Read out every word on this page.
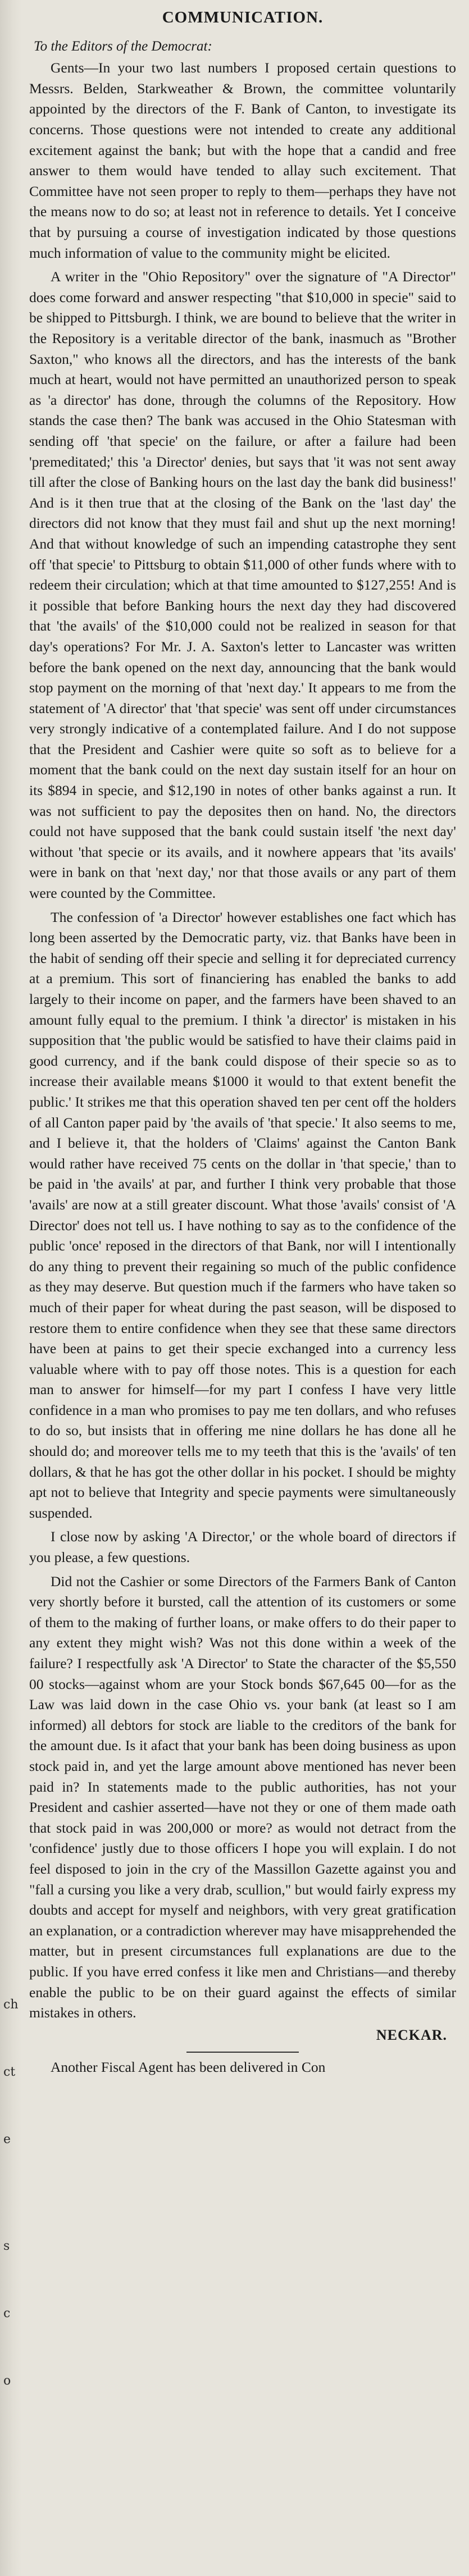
ch
ct
e
s
c
o
COMMUNICATION.

To the Editors of the Democrat:

Gents—In your two last numbers I proposed certain questions to Messrs. Belden, Starkweather & Brown, the committee voluntarily appointed by the directors of the F. Bank of Canton, to investigate its concerns. Those questions were not intended to create any additional excitement against the bank; but with the hope that a candid and free answer to them would have tended to allay such excitement. That Committee have not seen proper to reply to them—perhaps they have not the means now to do so; at least not in reference to details. Yet I conceive that by pursuing a course of investigation indicated by those questions much information of value to the community might be elicited.

A writer in the "Ohio Repository" over the signature of "A Director" does come forward and answer respecting "that $10,000 in specie" said to be shipped to Pittsburgh. I think, we are bound to believe that the writer in the Repository is a veritable director of the bank, inasmuch as "Brother Saxton," who knows all the directors, and has the interests of the bank much at heart, would not have permitted an unauthorized person to speak as 'a director' has done, through the columns of the Repository. How stands the case then? The bank was accused in the Ohio Statesman with sending off 'that specie' on the failure, or after a failure had been 'premeditated;' this 'a Director' denies, but says that 'it was not sent away till after the close of Banking hours on the last day the bank did business!' And is it then true that at the closing of the Bank on the 'last day' the directors did not know that they must fail and shut up the next morning! And that without knowledge of such an impending catastrophe they sent off 'that specie' to Pittsburg to obtain $11,000 of other funds where with to redeem their circulation; which at that time amounted to $127,255! And is it possible that before Banking hours the next day they had discovered that 'the avails' of the $10,000 could not be realized in season for that day's operations? For Mr. J. A. Saxton's letter to Lancaster was written before the bank opened on the next day, announcing that the bank would stop payment on the morning of that 'next day.' It appears to me from the statement of 'A director' that 'that specie' was sent off under circumstances very strongly indicative of a contemplated failure. And I do not suppose that the President and Cashier were quite so soft as to believe for a moment that the bank could on the next day sustain itself for an hour on its $894 in specie, and $12,190 in notes of other banks against a run. It was not sufficient to pay the deposites then on hand. No, the directors could not have supposed that the bank could sustain itself 'the next day' without 'that specie or its avails, and it nowhere appears that 'its avails' were in bank on that 'next day,' nor that those avails or any part of them were counted by the Committee.

The confession of 'a Director' however establishes one fact which has long been asserted by the Democratic party, viz. that Banks have been in the habit of sending off their specie and selling it for depreciated currency at a premium. This sort of financiering has enabled the banks to add largely to their income on paper, and the farmers have been shaved to an amount fully equal to the premium. I think 'a director' is mistaken in his supposition that 'the public would be satisfied to have their claims paid in good currency, and if the bank could dispose of their specie so as to increase their available means $1000 it would to that extent benefit the public.' It strikes me that this operation shaved ten per cent off the holders of all Canton paper paid by 'the avails of 'that specie.' It also seems to me, and I believe it, that the holders of 'Claims' against the Canton Bank would rather have received 75 cents on the dollar in 'that specie,' than to be paid in 'the avails' at par, and further I think very probable that those 'avails' are now at a still greater discount. What those 'avails' consist of 'A Director' does not tell us. I have nothing to say as to the confidence of the public 'once' reposed in the directors of that Bank, nor will I intentionally do any thing to prevent their regaining so much of the public confidence as they may deserve. But question much if the farmers who have taken so much of their paper for wheat during the past season, will be disposed to restore them to entire confidence when they see that these same directors have been at pains to get their specie exchanged into a currency less valuable where with to pay off those notes. This is a question for each man to answer for himself—for my part I confess I have very little confidence in a man who promises to pay me ten dollars, and who refuses to do so, but insists that in offering me nine dollars he has done all he should do; and moreover tells me to my teeth that this is the 'avails' of ten dollars, & that he has got the other dollar in his pocket. I should be mighty apt not to believe that Integrity and specie payments were simultaneously suspended.

I close now by asking 'A Director,' or the whole board of directors if you please, a few questions.

Did not the Cashier or some Directors of the Farmers Bank of Canton very shortly before it bursted, call the attention of its customers or some of them to the making of further loans, or make offers to do their paper to any extent they might wish? Was not this done within a week of the failure? I respectfully ask 'A Director' to State the character of the $5,550 00 stocks—against whom are your Stock bonds $67,645 00—for as the Law was laid down in the case Ohio vs. your bank (at least so I am informed) all debtors for stock are liable to the creditors of the bank for the amount due. Is it afact that your bank has been doing business as upon stock paid in, and yet the large amount above mentioned has never been paid in? In statements made to the public authorities, has not your President and cashier asserted—have not they or one of them made oath that stock paid in was 200,000 or more? as would not detract from the 'confidence' justly due to those officers I hope you will explain. I do not feel disposed to join in the cry of the Massillon Gazette against you and "fall a cursing you like a very drab, scullion," but would fairly express my doubts and accept for myself and neighbors, with very great gratification an explanation, or a contradiction wherever may have misapprehended the matter, but in present circumstances full explanations are due to the public. If you have erred confess it like men and Christians—and thereby enable the public to be on their guard against the effects of similar mistakes in others.

NECKAR.

Another Fiscal Agent has been delivered in Con
